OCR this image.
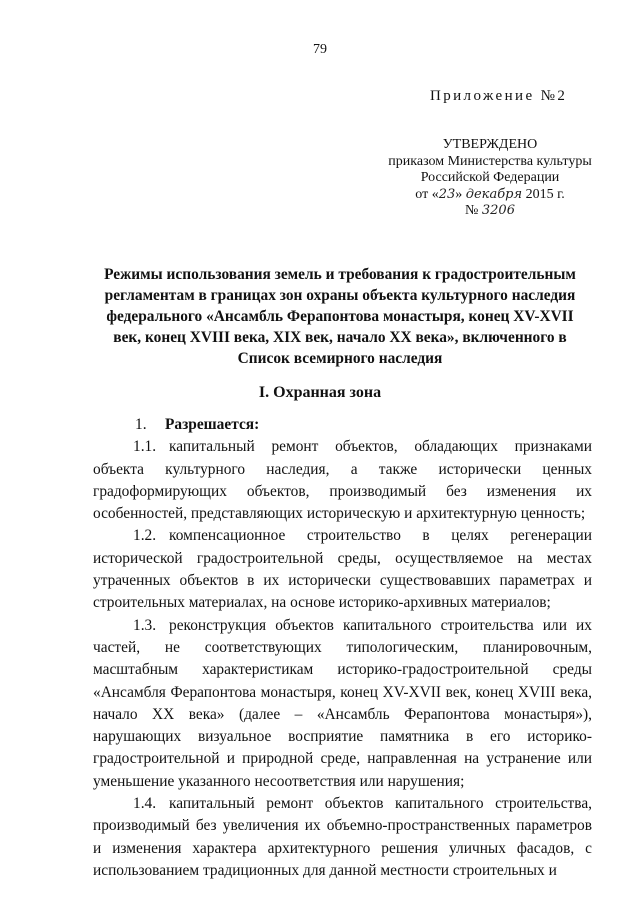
79
Приложение №2
УТВЕРЖДЕНО
приказом Министерства культуры
Российской Федерации
от «23» декабря 2015 г.
№ 3206
Режимы использования земель и требования к градостроительным регламентам в границах зон охраны объекта культурного наследия федерального «Ансамбль Ферапонтова монастыря, конец XV-XVII век, конец XVIII века, XIX век, начало XX века», включенного в Список всемирного наследия
I. Охранная зона

1. Разрешается:

1.1. капитальный ремонт объектов, обладающих признаками объекта культурного наследия, а также исторически ценных градоформирующих объектов, производимый без изменения их особенностей, представляющих историческую и архитектурную ценность;

1.2. компенсационное строительство в целях регенерации исторической градостроительной среды, осуществляемое на местах утраченных объектов в их исторически существовавших параметрах и строительных материалах, на основе историко-архивных материалов;

1.3. реконструкция объектов капитального строительства или их частей, не соответствующих типологическим, планировочным, масштабным характеристикам историко-градостроительной среды «Ансамбля Ферапонтова монастыря, конец XV-XVII век, конец XVIII века, начало XX века» (далее – «Ансамбль Ферапонтова монастыря»), нарушающих визуальное восприятие памятника в его историко-градостроительной и природной среде, направленная на устранение или уменьшение указанного несоответствия или нарушения;

1.4. капитальный ремонт объектов капитального строительства, производимый без увеличения их объемно-пространственных параметров и изменения характера архитектурного решения уличных фасадов, с использованием традиционных для данной местности строительных и
